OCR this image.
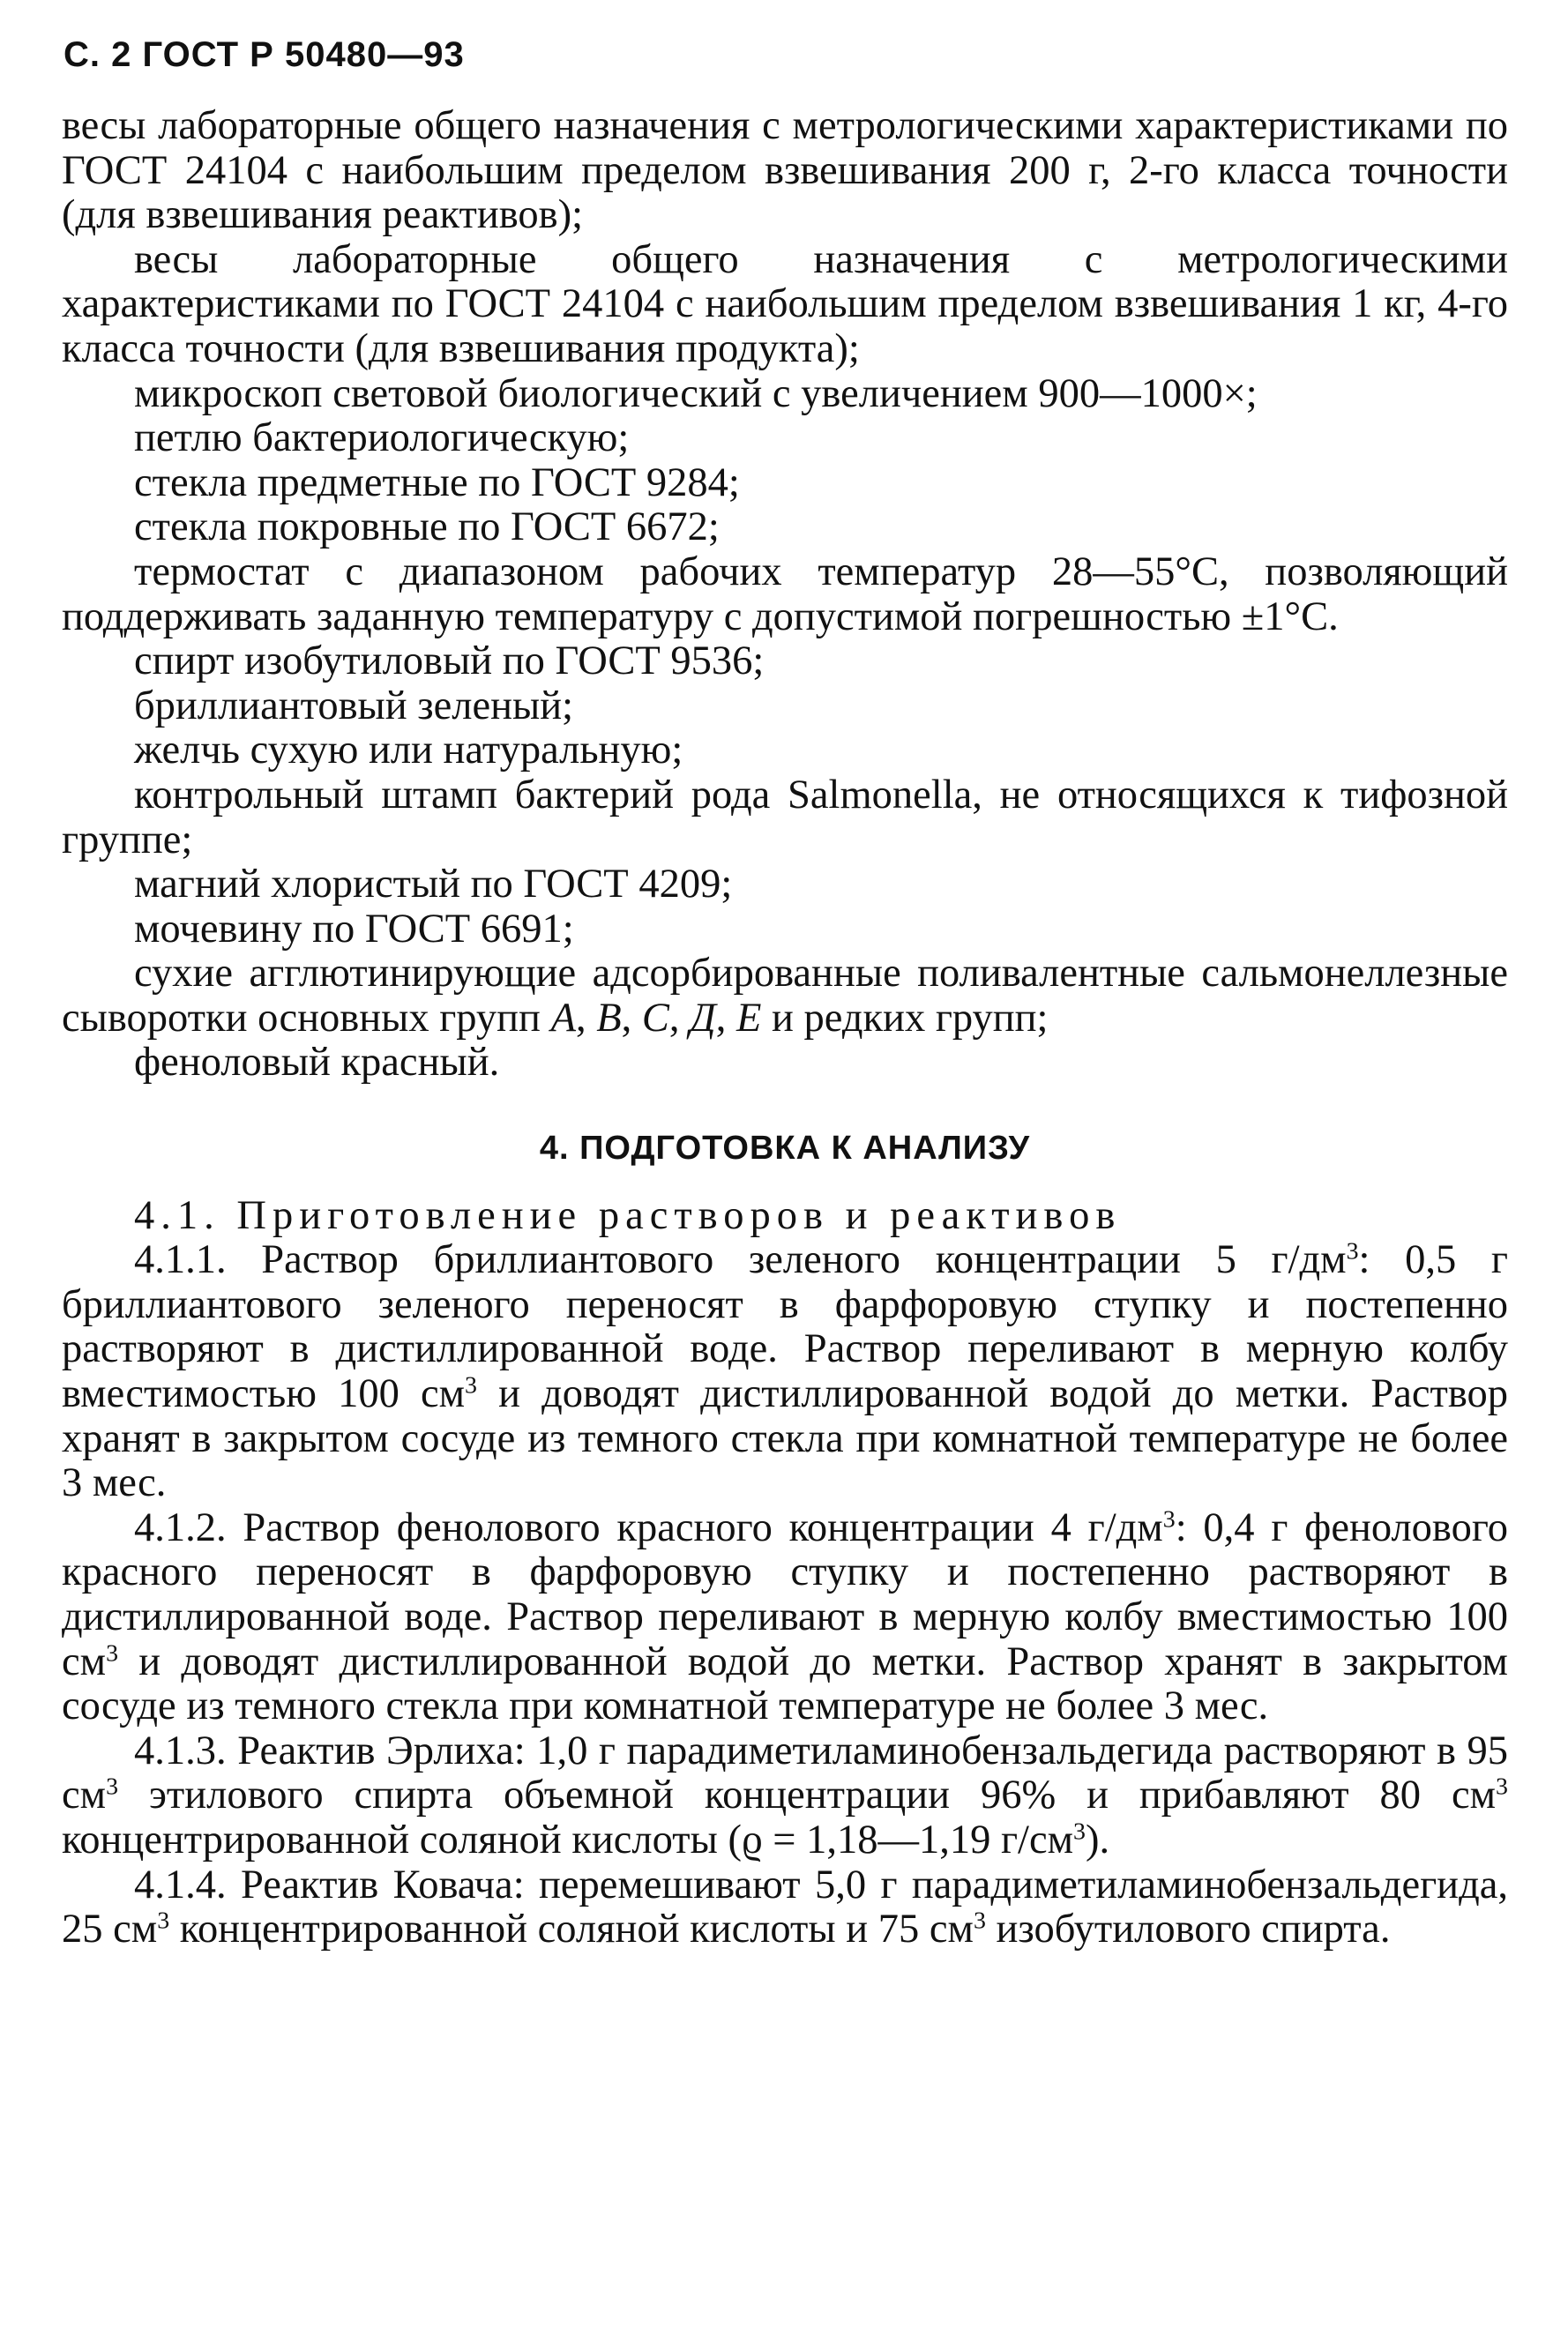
С. 2 ГОСТ Р 50480—93

весы лабораторные общего назначения с метрологическими характеристиками по ГОСТ 24104 с наибольшим пределом взвешивания 200 г, 2-го класса точности (для взвешивания реактивов);

весы лабораторные общего назначения с метрологическими характеристиками по ГОСТ 24104 с наибольшим пределом взвешивания 1 кг, 4-го класса точности (для взвешивания продукта);

микроскоп световой биологический с увеличением 900—1000×;

петлю бактериологическую;

стекла предметные по ГОСТ 9284;

стекла покровные по ГОСТ 6672;

термостат с диапазоном рабочих температур 28—55°С, позволяющий поддерживать заданную температуру с допустимой погрешностью ±1°С.

спирт изобутиловый по ГОСТ 9536;

бриллиантовый зеленый;

желчь сухую или натуральную;

контрольный штамп бактерий рода Salmonella, не относящихся к тифозной группе;

магний хлористый по ГОСТ 4209;

мочевину по ГОСТ 6691;

сухие агглютинирующие адсорбированные поливалентные сальмонеллезные сыворотки основных групп А, В, С, Д, Е и редких групп;

феноловый красный.

4. ПОДГОТОВКА К АНАЛИЗУ

4.1. Приготовление растворов и реактивов

4.1.1. Раствор бриллиантового зеленого концентрации 5 $г/дм^3$: 0,5 г бриллиантового зеленого переносят в фарфоровую ступку и постепенно растворяют в дистиллированной воде. Раствор переливают в мерную колбу вместимостью 100 $см^3$ и доводят дистиллированной водой до метки. Раствор хранят в закрытом сосуде из темного стекла при комнатной температуре не более 3 мес.

4.1.2. Раствор фенолового красного концентрации 4 $г/дм^3$: 0,4 г фенолового красного переносят в фарфоровую ступку и постепенно растворяют в дистиллированной воде. Раствор переливают в мерную колбу вместимостью 100 $см^3$ и доводят дистиллированной водой до метки. Раствор хранят в закрытом сосуде из темного стекла при комнатной температуре не более 3 мес.

4.1.3. Реактив Эрлиха: 1,0 г парадиметиламинобензальдегида растворяют в 95 $см^3$ этилового спирта объемной концентрации 96% и прибавляют 80 $см^3$ концентрированной соляной кислоты (ϱ = 1,18—1,19 $г/см^3$).

4.1.4. Реактив Ковача: перемешивают 5,0 г парадиметиламинобензальдегида, 25 $см^3$ концентрированной соляной кислоты и 75 $см^3$ изобутилового спирта.
